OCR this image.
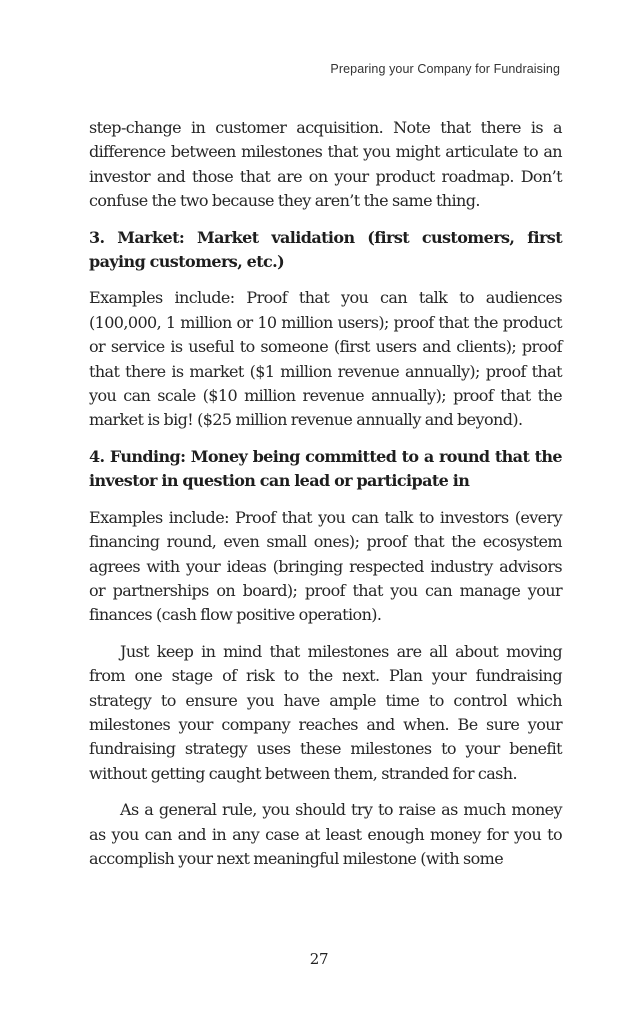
Preparing your Company for Fundraising

step-change in customer acquisition. Note that there is a difference between milestones that you might articulate to an investor and those that are on your product roadmap. Don’t confuse the two because they aren’t the same thing.

3. Market: Market validation (first customers, first paying customers, etc.)

Examples include: Proof that you can talk to audiences (100,000, 1 million or 10 million users); proof that the product or service is useful to someone (first users and clients); proof that there is market ($1 million revenue annually); proof that you can scale ($10 million revenue annually); proof that the market is big! ($25 million revenue annually and beyond).

4. Funding: Money being committed to a round that the investor in question can lead or participate in

Examples include: Proof that you can talk to investors (every financing round, even small ones); proof that the ecosystem agrees with your ideas (bringing respected industry advisors or partnerships on board); proof that you can manage your finances (cash flow positive operation).

Just keep in mind that milestones are all about moving from one stage of risk to the next. Plan your fundraising strategy to ensure you have ample time to control which milestones your company reaches and when. Be sure your fundraising strategy uses these milestones to your benefit without getting caught between them, stranded for cash.

As a general rule, you should try to raise as much money as you can and in any case at least enough money for you to accomplish your next meaningful milestone (with some

27
